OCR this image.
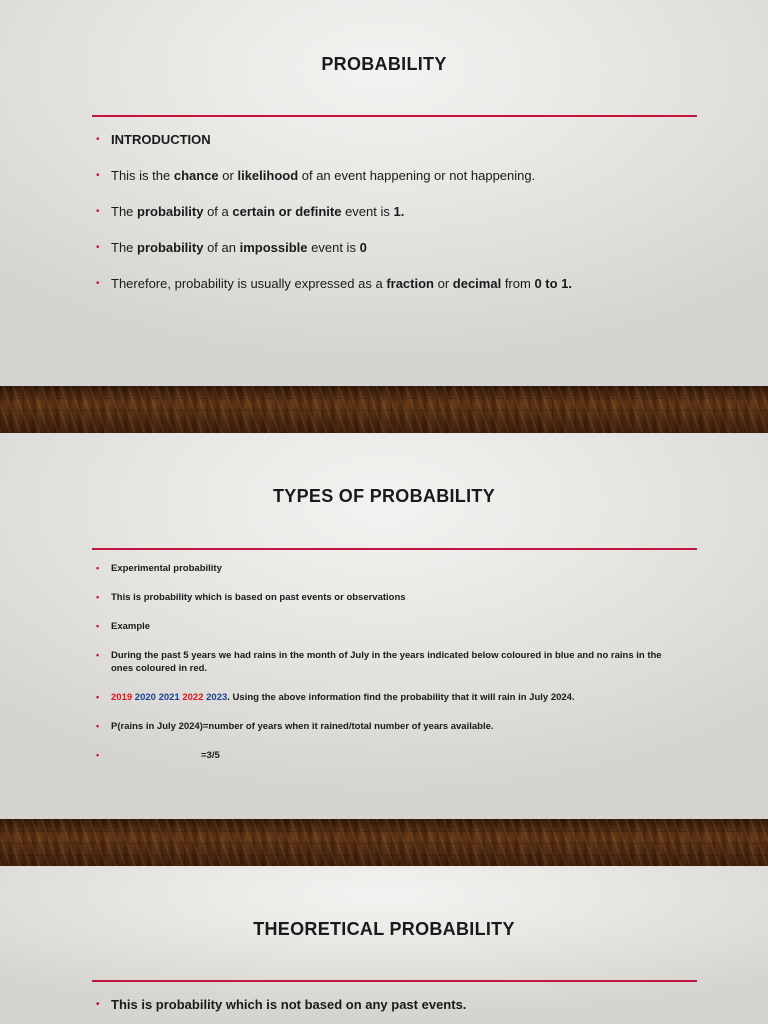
PROBABILITY
• INTRODUCTION
• This is the chance or likelihood of an event happening or not happening.
• The probability of a certain or definite event is 1.
• The probability of an impossible event is 0
• Therefore, probability is usually expressed as a fraction or decimal from 0 to 1.
TYPES OF PROBABILITY
• Experimental probability
• This is probability which is based on past events or observations
• Example
• During the past 5 years we had rains in the month of July in the years indicated below coloured in blue and no rains in the ones coloured in red.
• 2019 2020 2021 2022 2023. Using the above information find the probability that it will rain in July 2024.
• P(rains in July 2024)=number of years when it rained/total number of years available.
•	=3/5
THEORETICAL PROBABILITY
• This is probability which is not based on any past events.
